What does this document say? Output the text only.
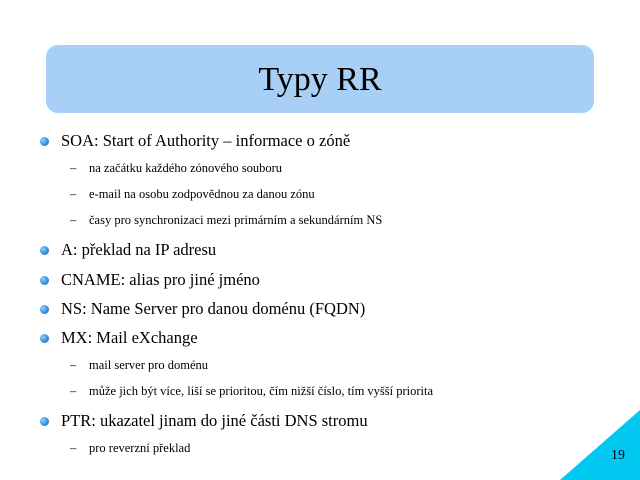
Typy RR
SOA: Start of Authority – informace o zóně
– na začátku každého zónového souboru
– e-mail na osobu zodpovědnou za danou zónu
– časy pro synchronizaci mezi primárním a sekundárním NS
A: překlad na IP adresu
CNAME: alias pro jiné jméno
NS: Name Server pro danou doménu (FQDN)
MX: Mail eXchange
– mail server pro doménu
– může jich být více, liší se prioritou, čím nižší číslo, tím vyšší priorita
PTR: ukazatel jinam do jiné části DNS stromu
– pro reverzní překlad	19
